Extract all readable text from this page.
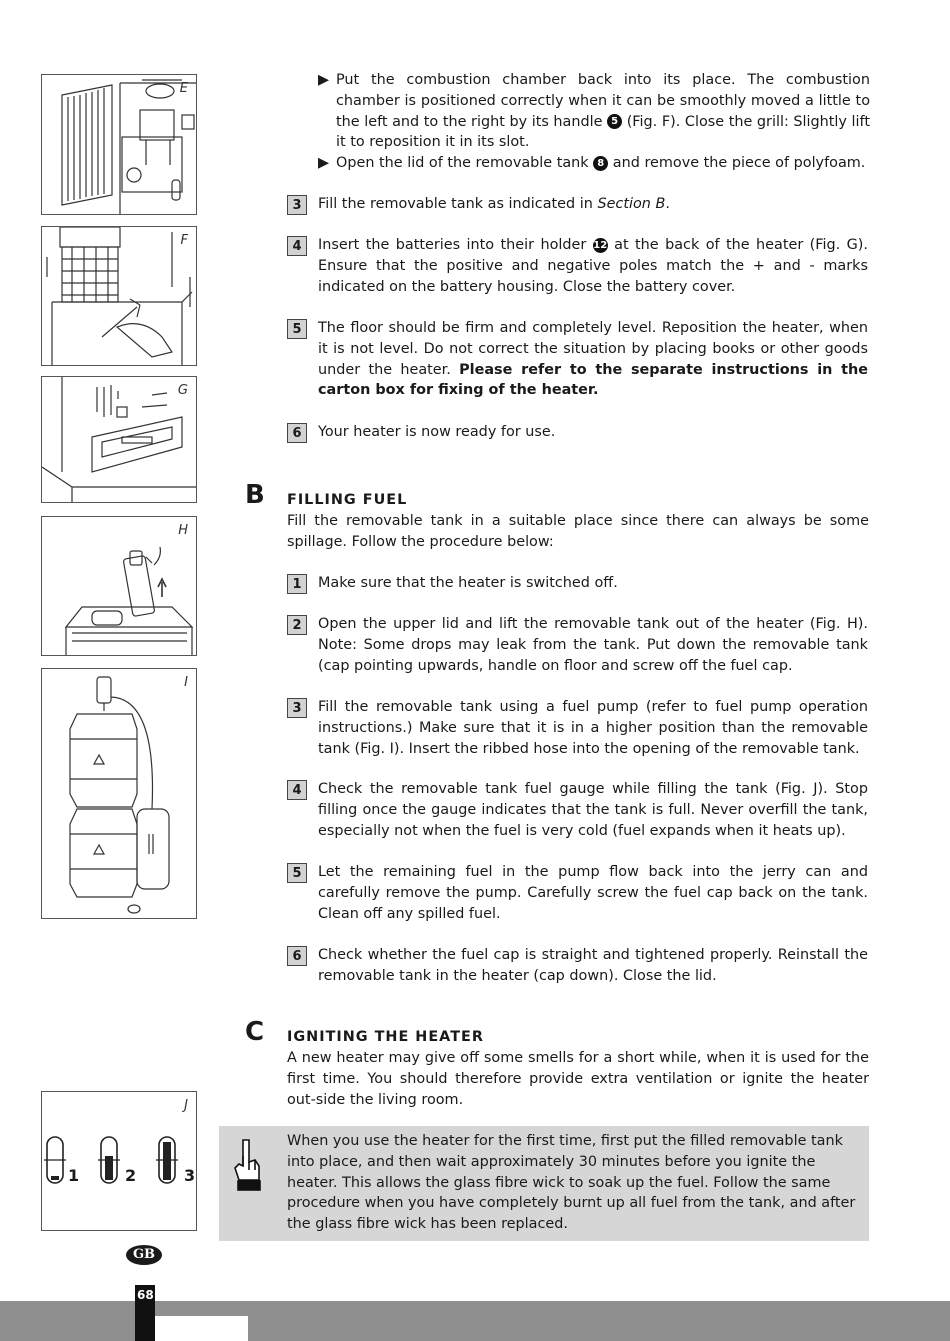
E
F
G
H
I
J
1	2	3
▶ Put the combustion chamber back into its place. The combustion chamber is positioned correctly when it can be smoothly moved a little to the left and to the right by its handle 5 (Fig. F). Close the grill: Slightly lift it to reposition it in its slot.
▶ Open the lid of the removable tank 8 and remove the piece of polyfoam.
3	Fill the removable tank as indicated in Section B.
4	Insert the batteries into their holder 12 at the back of the heater (Fig. G). Ensure that the positive and negative poles match the + and - marks indicated on the battery housing. Close the battery cover.
5	The floor should be firm and completely level. Reposition the heater, when it is not level. Do not correct the situation by placing books or other goods under the heater. Please refer to the separate instructions in the carton box for fixing of the heater.
6	Your heater is now ready for use.
B FILLING FUEL
Fill the removable tank in a suitable place since there can always be some spillage. Follow the procedure below:
1	Make sure that the heater is switched off.
2	Open the upper lid and lift the removable tank out of the heater (Fig. H). Note: Some drops may leak from the tank. Put down the removable tank (cap pointing upwards, handle on floor and screw off the fuel cap.
3	Fill the removable tank using a fuel pump (refer to fuel pump operation instructions.) Make sure that it is in a higher position than the removable tank (Fig. I). Insert the ribbed hose into the opening of the removable tank.
4	Check the removable tank fuel gauge while filling the tank (Fig. J). Stop filling once the gauge indicates that the tank is full. Never overfill the tank, especially not when the fuel is very cold (fuel expands when it heats up).
5	Let the remaining fuel in the pump flow back into the jerry can and carefully remove the pump. Carefully screw the fuel cap back on the tank. Clean off any spilled fuel.
6	Check whether the fuel cap is straight and tightened properly. Reinstall the removable tank in the heater (cap down). Close the lid.
C IGNITING THE HEATER
A new heater may give off some smells for a short while, when it is used for the first time. You should therefore provide extra ventilation or ignite the heater out-side the living room.
When you use the heater for the first time, first put the filled removable tank into place, and then wait approximately 30 minutes before you ignite the heater. This allows the glass fibre wick to soak up the fuel. Follow the same procedure when you have completely burnt up all fuel from the tank, and after the glass fibre wick has been replaced.
GB
68
